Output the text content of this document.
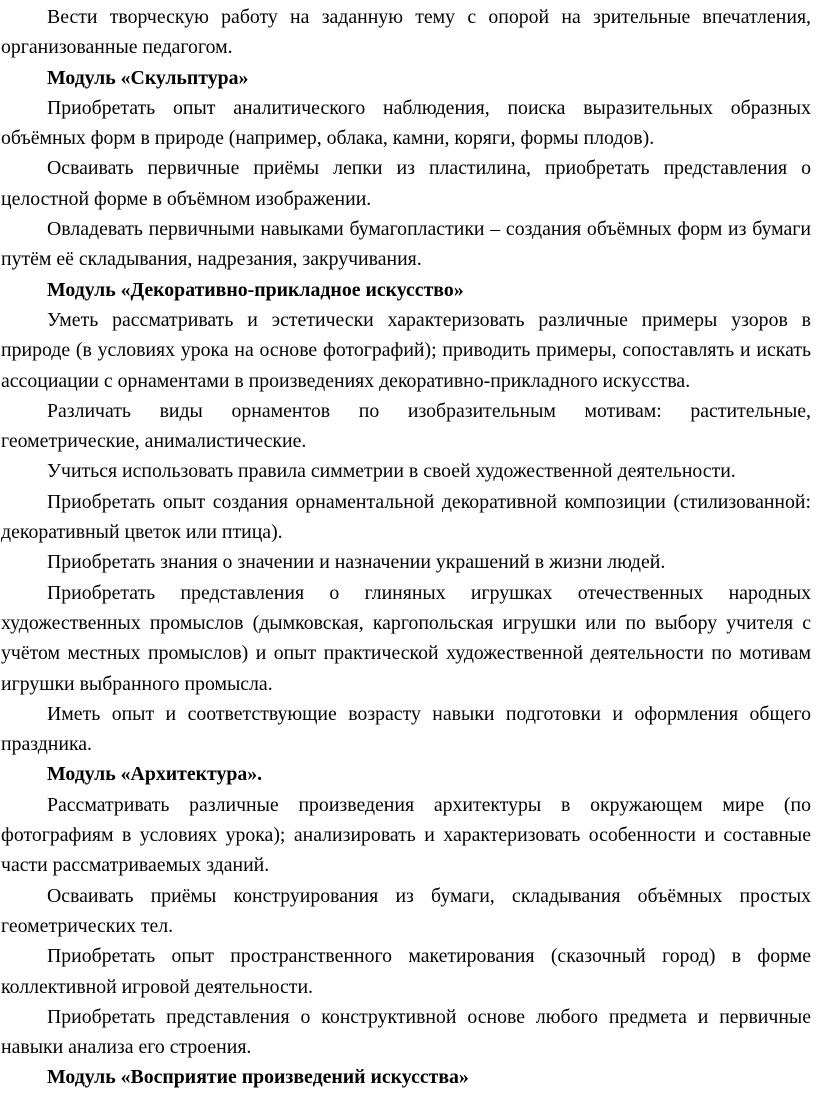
Вести творческую работу на заданную тему с опорой на зрительные впечатления, организованные педагогом.

Модуль «Скульптура»

Приобретать опыт аналитического наблюдения, поиска выразительных образных объёмных форм в природе (например, облака, камни, коряги, формы плодов).

Осваивать первичные приёмы лепки из пластилина, приобретать представления о целостной форме в объёмном изображении.

Овладевать первичными навыками бумагопластики – создания объёмных форм из бумаги путём её складывания, надрезания, закручивания.

Модуль «Декоративно-прикладное искусство»

Уметь рассматривать и эстетически характеризовать различные примеры узоров в природе (в условиях урока на основе фотографий); приводить примеры, сопоставлять и искать ассоциации с орнаментами в произведениях декоративно-прикладного искусства.

Различать виды орнаментов по изобразительным мотивам: растительные, геометрические, анималистические.

Учиться использовать правила симметрии в своей художественной деятельности.

Приобретать опыт создания орнаментальной декоративной композиции (стилизованной: декоративный цветок или птица).

Приобретать знания о значении и назначении украшений в жизни людей.

Приобретать представления о глиняных игрушках отечественных народных художественных промыслов (дымковская, каргопольская игрушки или по выбору учителя с учётом местных промыслов) и опыт практической художественной деятельности по мотивам игрушки выбранного промысла.

Иметь опыт и соответствующие возрасту навыки подготовки и оформления общего праздника.

Модуль «Архитектура».

Рассматривать различные произведения архитектуры в окружающем мире (по фотографиям в условиях урока); анализировать и характеризовать особенности и составные части рассматриваемых зданий.

Осваивать приёмы конструирования из бумаги, складывания объёмных простых геометрических тел.

Приобретать опыт пространственного макетирования (сказочный город) в форме коллективной игровой деятельности.

Приобретать представления о конструктивной основе любого предмета и первичные навыки анализа его строения.

Модуль «Восприятие произведений искусства»
